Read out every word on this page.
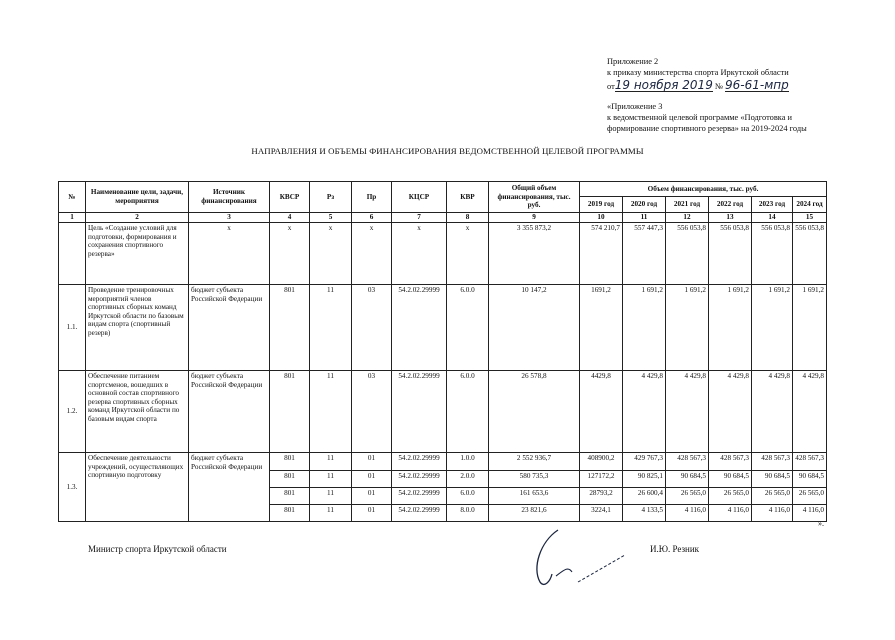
Приложение 2
к приказу министерства спорта Иркутской области
от19 ноября 2019 № 96-61-мпр
«Приложение 3
к ведомственной целевой программе «Подготовка и
формирование спортивного резерва» на 2019-2024 годы
НАПРАВЛЕНИЯ И ОБЪЕМЫ ФИНАНСИРОВАНИЯ ВЕДОМСТВЕННОЙ ЦЕЛЕВОЙ ПРОГРАММЫ
№	Наименование цели, задачи, мероприятия	Источник финансирования	КВСР	Рз	Пр	КЦСР	КВР	Общий объем финансирования, тыс. руб.	Объем финансирования, тыс. руб.					
									2019 год	2020 год	2021 год	2022 год	2023 год	2024 год
1	2	3	4	5	6	7	8	9	10	11	12	13	14	15
	Цель «Создание условий для подготовки, формирования и сохранения спортивного резерва»	х	х	х	х	х	х	3 355 873,2	574 210,7	557 447,3	556 053,8	556 053,8	556 053,8	556 053,8
1.1.	Проведение тренировочных мероприятий членов спортивных сборных команд Иркутской области по базовым видам спорта (спортивный резерв)	бюджет субъекта Российской Федерации	801	11	03	54.2.02.29999	6.0.0	10 147,2	1691,2	1 691,2	1 691,2	1 691,2	1 691,2	1 691,2
1.2.	Обеспечение питанием спортсменов, вошедших в основной состав спортивного резерва спортивных сборных команд Иркутской области по базовым видам спорта	бюджет субъекта Российской Федерации	801	11	03	54.2.02.29999	6.0.0	26 578,8	4429,8	4 429,8	4 429,8	4 429,8	4 429,8	4 429,8
1.3.	Обеспечение деятельности учреждений, осуществляющих спортивную подготовку	бюджет субъекта Российской Федерации	801	11	01	54.2.02.29999	1.0.0	2 552 936,7	408900,2	429 767,3	428 567,3	428 567,3	428 567,3	428 567,3
			801	11	01	54.2.02.29999	2.0.0	580 735,3	127172,2	90 825,1	90 684,5	90 684,5	90 684,5	90 684,5
			801	11	01	54.2.02.29999	6.0.0	161 653,6	28793,2	26 600,4	26 565,0	26 565,0	26 565,0	26 565,0
			801	11	01	54.2.02.29999	8.0.0	23 821,6	3224,1	4 133,5	4 116,0	4 116,0	4 116,0	4 116,0
».
Министр спорта Иркутской области	И.Ю. Резник
